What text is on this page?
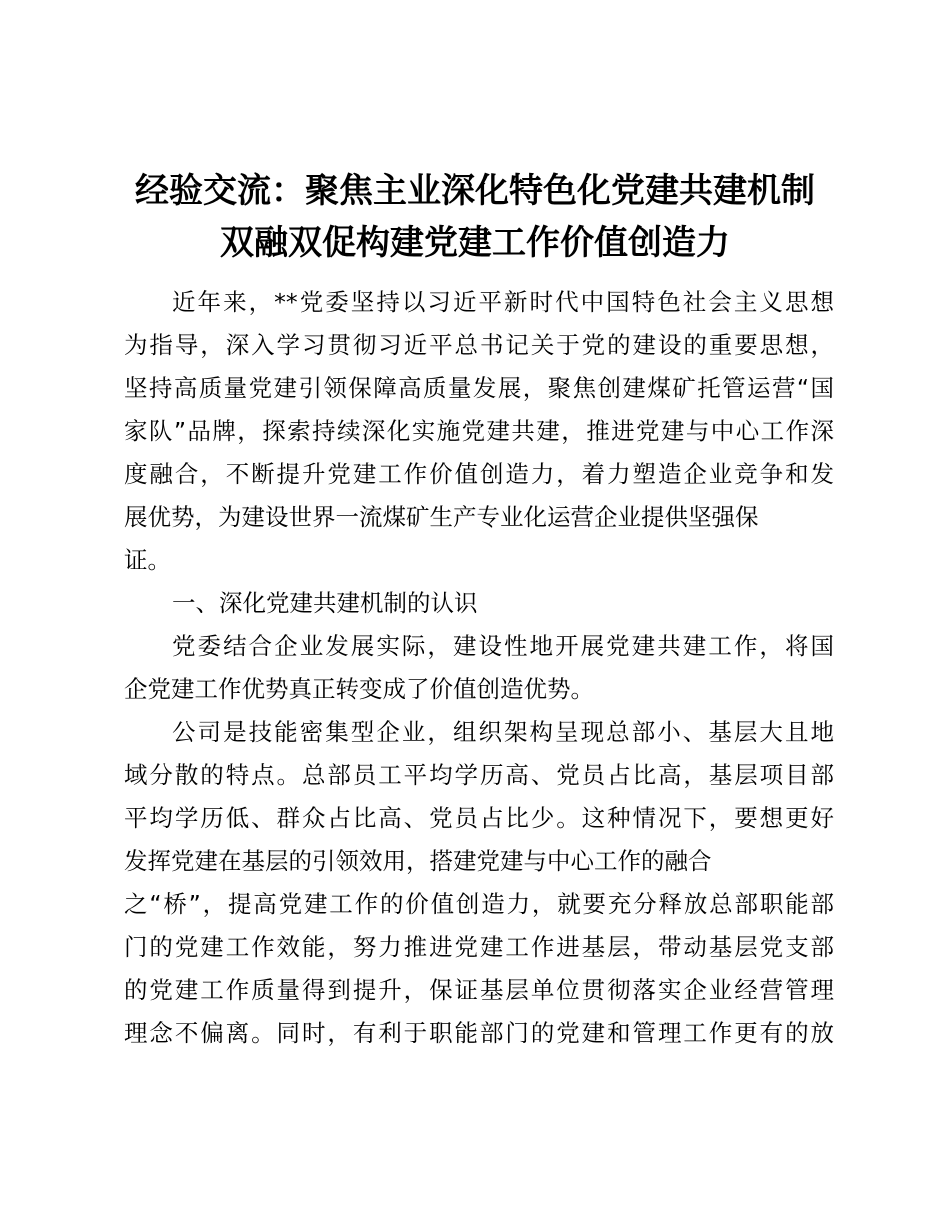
经验交流：聚焦主业深化特色化党建共建机制
双融双促构建党建工作价值创造力
近年来，**党委坚持以习近平新时代中国特色社会主义思想
为指导，深入学习贯彻习近平总书记关于党的建设的重要思想，
坚持高质量党建引领保障高质量发展，聚焦创建煤矿托管运营“国
家队”品牌，探索持续深化实施党建共建，推进党建与中心工作深
度融合，不断提升党建工作价值创造力，着力塑造企业竞争和发
展优势，为建设世界一流煤矿生产专业化运营企业提供坚强保
证。
一、深化党建共建机制的认识
党委结合企业发展实际，建设性地开展党建共建工作，将国
企党建工作优势真正转变成了价值创造优势。
公司是技能密集型企业，组织架构呈现总部小、基层大且地
域分散的特点。总部员工平均学历高、党员占比高，基层项目部
平均学历低、群众占比高、党员占比少。这种情况下，要想更好
发挥党建在基层的引领效用，搭建党建与中心工作的融合
之“桥”，提高党建工作的价值创造力，就要充分释放总部职能部
门的党建工作效能，努力推进党建工作进基层，带动基层党支部
的党建工作质量得到提升，保证基层单位贯彻落实企业经营管理
理念不偏离。同时，有利于职能部门的党建和管理工作更有的放
